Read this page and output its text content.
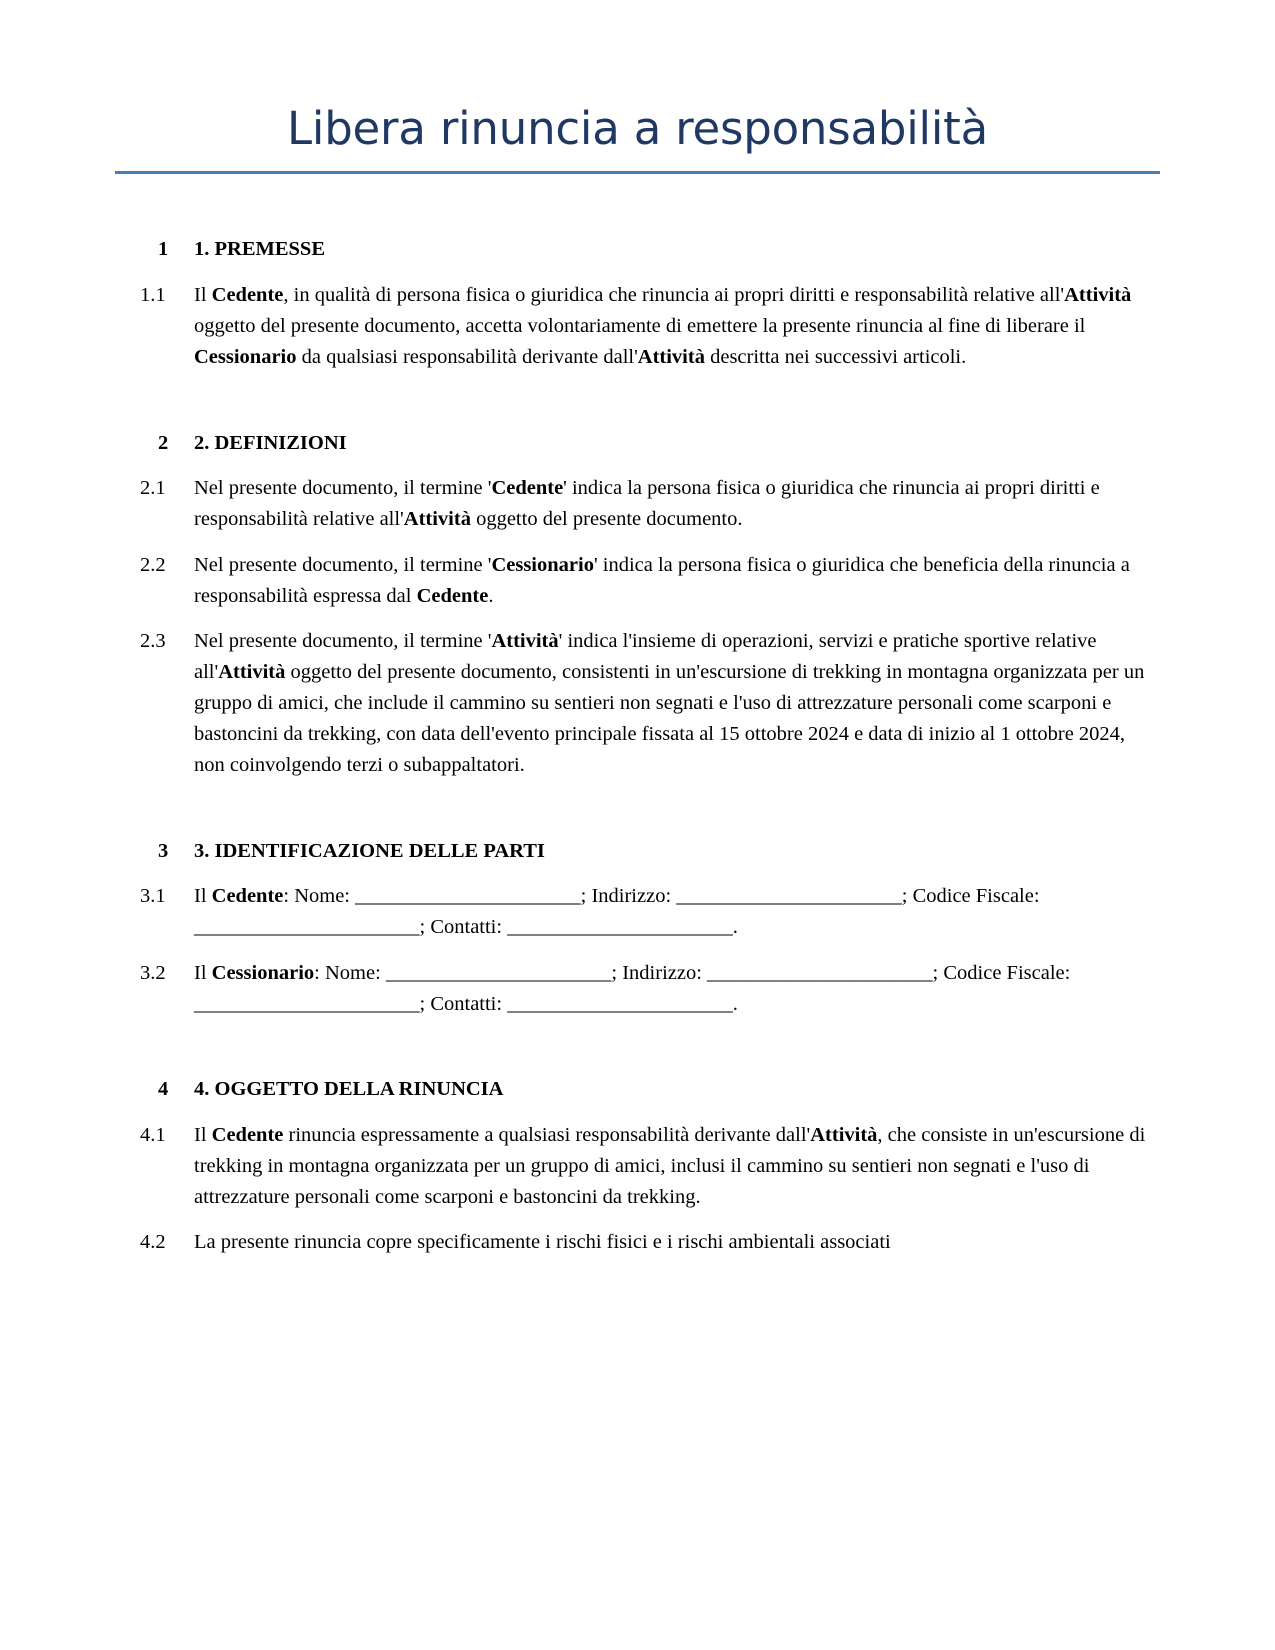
Libera rinuncia a responsabilità
1	1. PREMESSE
1.1	Il Cedente, in qualità di persona fisica o giuridica che rinuncia ai propri diritti e responsabilità relative all'Attività oggetto del presente documento, accetta volontariamente di emettere la presente rinuncia al fine di liberare il Cessionario da qualsiasi responsabilità derivante dall'Attività descritta nei successivi articoli.
2	2. DEFINIZIONI
2.1	Nel presente documento, il termine 'Cedente' indica la persona fisica o giuridica che rinuncia ai propri diritti e responsabilità relative all'Attività oggetto del presente documento.
2.2	Nel presente documento, il termine 'Cessionario' indica la persona fisica o giuridica che beneficia della rinuncia a responsabilità espressa dal Cedente.
2.3	Nel presente documento, il termine 'Attività' indica l'insieme di operazioni, servizi e pratiche sportive relative all'Attività oggetto del presente documento, consistenti in un'escursione di trekking in montagna organizzata per un gruppo di amici, che include il cammino su sentieri non segnati e l'uso di attrezzature personali come scarponi e bastoncini da trekking, con data dell'evento principale fissata al 15 ottobre 2024 e data di inizio al 1 ottobre 2024, non coinvolgendo terzi o subappaltatori.
3	3. IDENTIFICAZIONE DELLE PARTI
3.1	Il Cedente: Nome: ______________________; Indirizzo: ______________________; Codice Fiscale: ______________________; Contatti: ______________________.
3.2	Il Cessionario: Nome: ______________________; Indirizzo: ______________________; Codice Fiscale: ______________________; Contatti: ______________________.
4	4. OGGETTO DELLA RINUNCIA
4.1	Il Cedente rinuncia espressamente a qualsiasi responsabilità derivante dall'Attività, che consiste in un'escursione di trekking in montagna organizzata per un gruppo di amici, inclusi il cammino su sentieri non segnati e l'uso di attrezzature personali come scarponi e bastoncini da trekking.
4.2	La presente rinuncia copre specificamente i rischi fisici e i rischi ambientali associati
